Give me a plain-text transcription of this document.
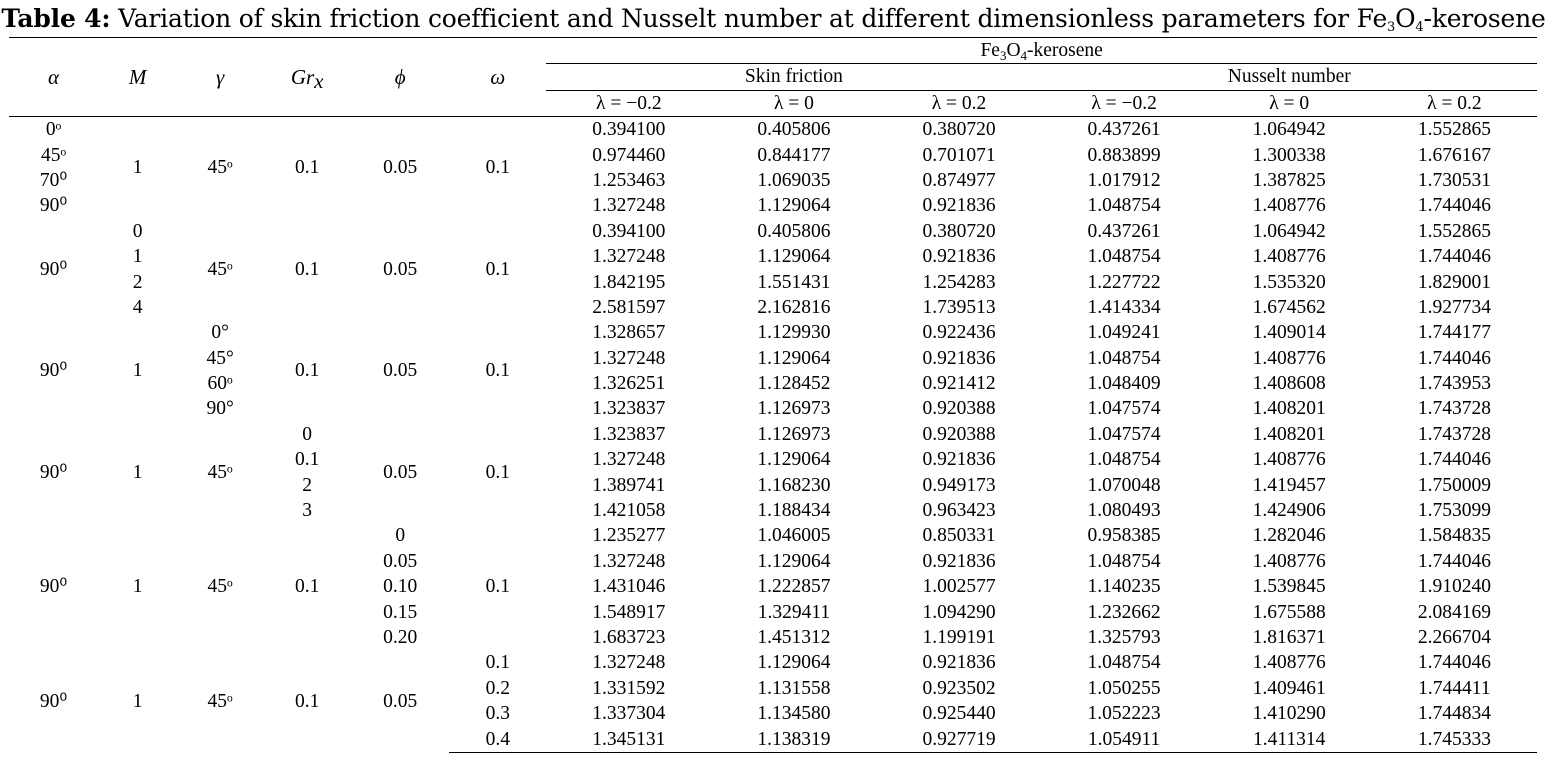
Table 4: Variation of skin friction coefficient and Nusselt number at different dimensionless parameters for $Fe_3O_4$-kerosene
α	M	γ	$Gr_x$	ϕ	ω	$Fe_3O_4$-kerosene					
						Skin friction			Nusselt number		
						λ = −0.2	λ = 0	λ = 0.2	λ = −0.2	λ = 0	λ = 0.2
0ᵒ	1	45ᵒ	0.1	0.05	0.1	0.394100	0.405806	0.380720	0.437261	1.064942	1.552865
45ᵒ						0.974460	0.844177	0.701071	0.883899	1.300338	1.676167
70⁰						1.253463	1.069035	0.874977	1.017912	1.387825	1.730531
90⁰						1.327248	1.129064	0.921836	1.048754	1.408776	1.744046
90⁰	0	45ᵒ	0.1	0.05	0.1	0.394100	0.405806	0.380720	0.437261	1.064942	1.552865
	1					1.327248	1.129064	0.921836	1.048754	1.408776	1.744046
	2					1.842195	1.551431	1.254283	1.227722	1.535320	1.829001
	4					2.581597	2.162816	1.739513	1.414334	1.674562	1.927734
90⁰	1	0°	0.1	0.05	0.1	1.328657	1.129930	0.922436	1.049241	1.409014	1.744177
		45°				1.327248	1.129064	0.921836	1.048754	1.408776	1.744046
		60ᵒ				1.326251	1.128452	0.921412	1.048409	1.408608	1.743953
		90°				1.323837	1.126973	0.920388	1.047574	1.408201	1.743728
90⁰	1	45ᵒ	0	0.05	0.1	1.323837	1.126973	0.920388	1.047574	1.408201	1.743728
			0.1			1.327248	1.129064	0.921836	1.048754	1.408776	1.744046
			2			1.389741	1.168230	0.949173	1.070048	1.419457	1.750009
			3			1.421058	1.188434	0.963423	1.080493	1.424906	1.753099
90⁰	1	45ᵒ	0.1	0	0.1	1.235277	1.046005	0.850331	0.958385	1.282046	1.584835
				0.05		1.327248	1.129064	0.921836	1.048754	1.408776	1.744046
				0.10		1.431046	1.222857	1.002577	1.140235	1.539845	1.910240
				0.15		1.548917	1.329411	1.094290	1.232662	1.675588	2.084169
				0.20		1.683723	1.451312	1.199191	1.325793	1.816371	2.266704
90⁰	1	45ᵒ	0.1	0.05	0.1	1.327248	1.129064	0.921836	1.048754	1.408776	1.744046
					0.2	1.331592	1.131558	0.923502	1.050255	1.409461	1.744411
					0.3	1.337304	1.134580	0.925440	1.052223	1.410290	1.744834
					0.4	1.345131	1.138319	0.927719	1.054911	1.411314	1.745333
